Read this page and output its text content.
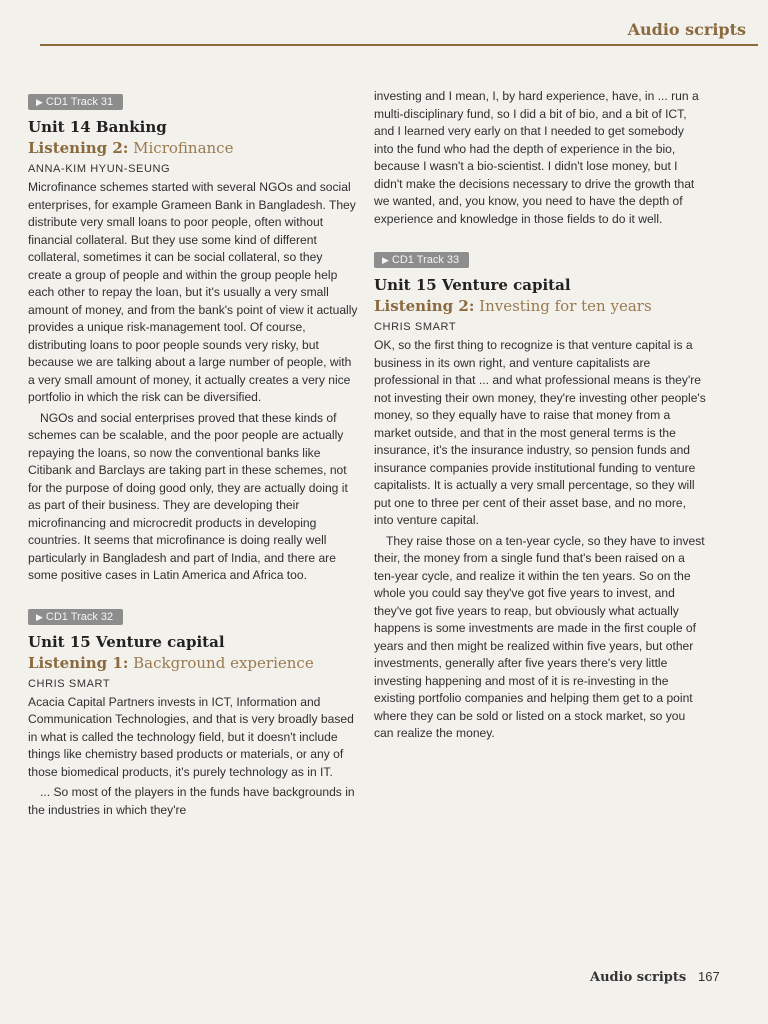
Audio scripts
▶ CD1 Track 31
Unit 14 Banking
Listening 2: Microfinance
ANNA-KIM HYUN-SEUNG

Microfinance schemes started with several NGOs and social enterprises, for example Grameen Bank in Bangladesh. They distribute very small loans to poor people, often without financial collateral. But they use some kind of different collateral, sometimes it can be social collateral, so they create a group of people and within the group people help each other to repay the loan, but it's usually a very small amount of money, and from the bank's point of view it actually provides a unique risk-management tool. Of course, distributing loans to poor people sounds very risky, but because we are talking about a large number of people, with a very small amount of money, it actually creates a very nice portfolio in which the risk can be diversified.

NGOs and social enterprises proved that these kinds of schemes can be scalable, and the poor people are actually repaying the loans, so now the conventional banks like Citibank and Barclays are taking part in these schemes, not for the purpose of doing good only, they are actually doing it as part of their business. They are developing their microfinancing and microcredit products in developing countries. It seems that microfinance is doing really well particularly in Bangladesh and part of India, and there are some positive cases in Latin America and Africa too.

▶ CD1 Track 32
Unit 15 Venture capital
Listening 1: Background experience
CHRIS SMART

Acacia Capital Partners invests in ICT, Information and Communication Technologies, and that is very broadly based in what is called the technology field, but it doesn't include things like chemistry based products or materials, or any of those biomedical products, it's purely technology as in IT.

... So most of the players in the funds have backgrounds in the industries in which they're

investing and I mean, I, by hard experience, have, in ... run a multi-disciplinary fund, so I did a bit of bio, and a bit of ICT, and I learned very early on that I needed to get somebody into the fund who had the depth of experience in the bio, because I wasn't a bio-scientist. I didn't lose money, but I didn't make the decisions necessary to drive the growth that we wanted, and, you know, you need to have the depth of experience and knowledge in those fields to do it well.

▶ CD1 Track 33
Unit 15 Venture capital
Listening 2: Investing for ten years
CHRIS SMART

OK, so the first thing to recognize is that venture capital is a business in its own right, and venture capitalists are professional in that ... and what professional means is they're not investing their own money, they're investing other people's money, so they equally have to raise that money from a market outside, and that in the most general terms is the insurance, it's the insurance industry, so pension funds and insurance companies provide institutional funding to venture capitalists. It is actually a very small percentage, so they will put one to three per cent of their asset base, and no more, into venture capital.

They raise those on a ten-year cycle, so they have to invest their, the money from a single fund that's been raised on a ten-year cycle, and realize it within the ten years. So on the whole you could say they've got five years to invest, and they've got five years to reap, but obviously what actually happens is some investments are made in the first couple of years and then might be realized within five years, but other investments, generally after five years there's very little investing happening and most of it is re-investing in the existing portfolio companies and helping them get to a point where they can be sold or listed on a stock market, so you can realize the money.

Audio scripts 167
